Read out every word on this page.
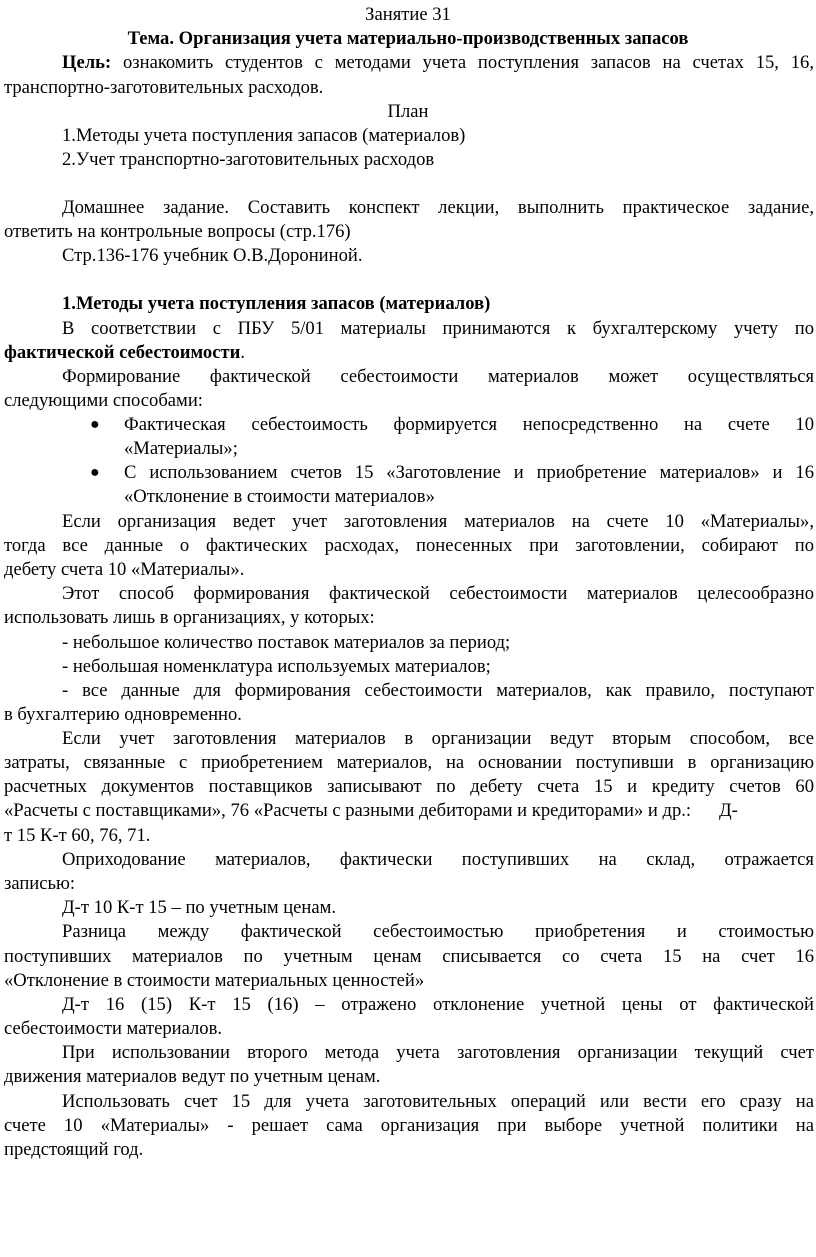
Занятие 31
Тема. Организация учета материально-производственных запасов
Цель: ознакомить студентов с методами учета поступления запасов на счетах 15, 16,
транспортно-заготовительных расходов.
План
1.Методы учета поступления запасов (материалов)
2.Учет транспортно-заготовительных расходов
Домашнее задание. Составить конспект лекции, выполнить практическое задание,
ответить на контрольные вопросы (стр.176)
Стр.136-176 учебник О.В.Дорониной.
1.Методы учета поступления запасов (материалов)
В соответствии с ПБУ 5/01 материалы принимаются к бухгалтерскому учету по
фактической себестоимости.
Формирование фактической себестоимости материалов может осуществляться
следующими способами:
● Фактическая себестоимость формируется непосредственно на счете 10
«Материалы»;
● С использованием счетов 15 «Заготовление и приобретение материалов» и 16
«Отклонение в стоимости материалов»
Если организация ведет учет заготовления материалов на счете 10 «Материалы»,
тогда все данные о фактических расходах, понесенных при заготовлении, собирают по
дебету счета 10 «Материалы».
Этот способ формирования фактической себестоимости материалов целесообразно
использовать лишь в организациях, у которых:
- небольшое количество поставок материалов за период;
- небольшая номенклатура используемых материалов;
- все данные для формирования себестоимости материалов, как правило, поступают
в бухгалтерию одновременно.
Если учет заготовления материалов в организации ведут вторым способом, все
затраты, связанные с приобретением материалов, на основании поступивши в организацию
расчетных документов поставщиков записывают по дебету счета 15 и кредиту счетов 60
«Расчеты с поставщиками», 76 «Расчеты с разными дебиторами и кредиторами» и др.:      Д-
т 15 К-т 60, 76, 71.
Оприходование материалов, фактически поступивших на склад, отражается
записью:
Д-т 10 К-т 15 – по учетным ценам.
Разница между фактической себестоимостью приобретения и стоимостью
поступивших материалов по учетным ценам списывается со счета 15 на счет 16
«Отклонение в стоимости материальных ценностей»
Д-т 16 (15) К-т 15 (16) – отражено отклонение учетной цены от фактической
себестоимости материалов.
При использовании второго метода учета заготовления организации текущий счет
движения материалов ведут по учетным ценам.
Использовать счет 15 для учета заготовительных операций или вести его сразу на
счете 10 «Материалы» - решает сама организация при выборе учетной политики на
предстоящий год.
